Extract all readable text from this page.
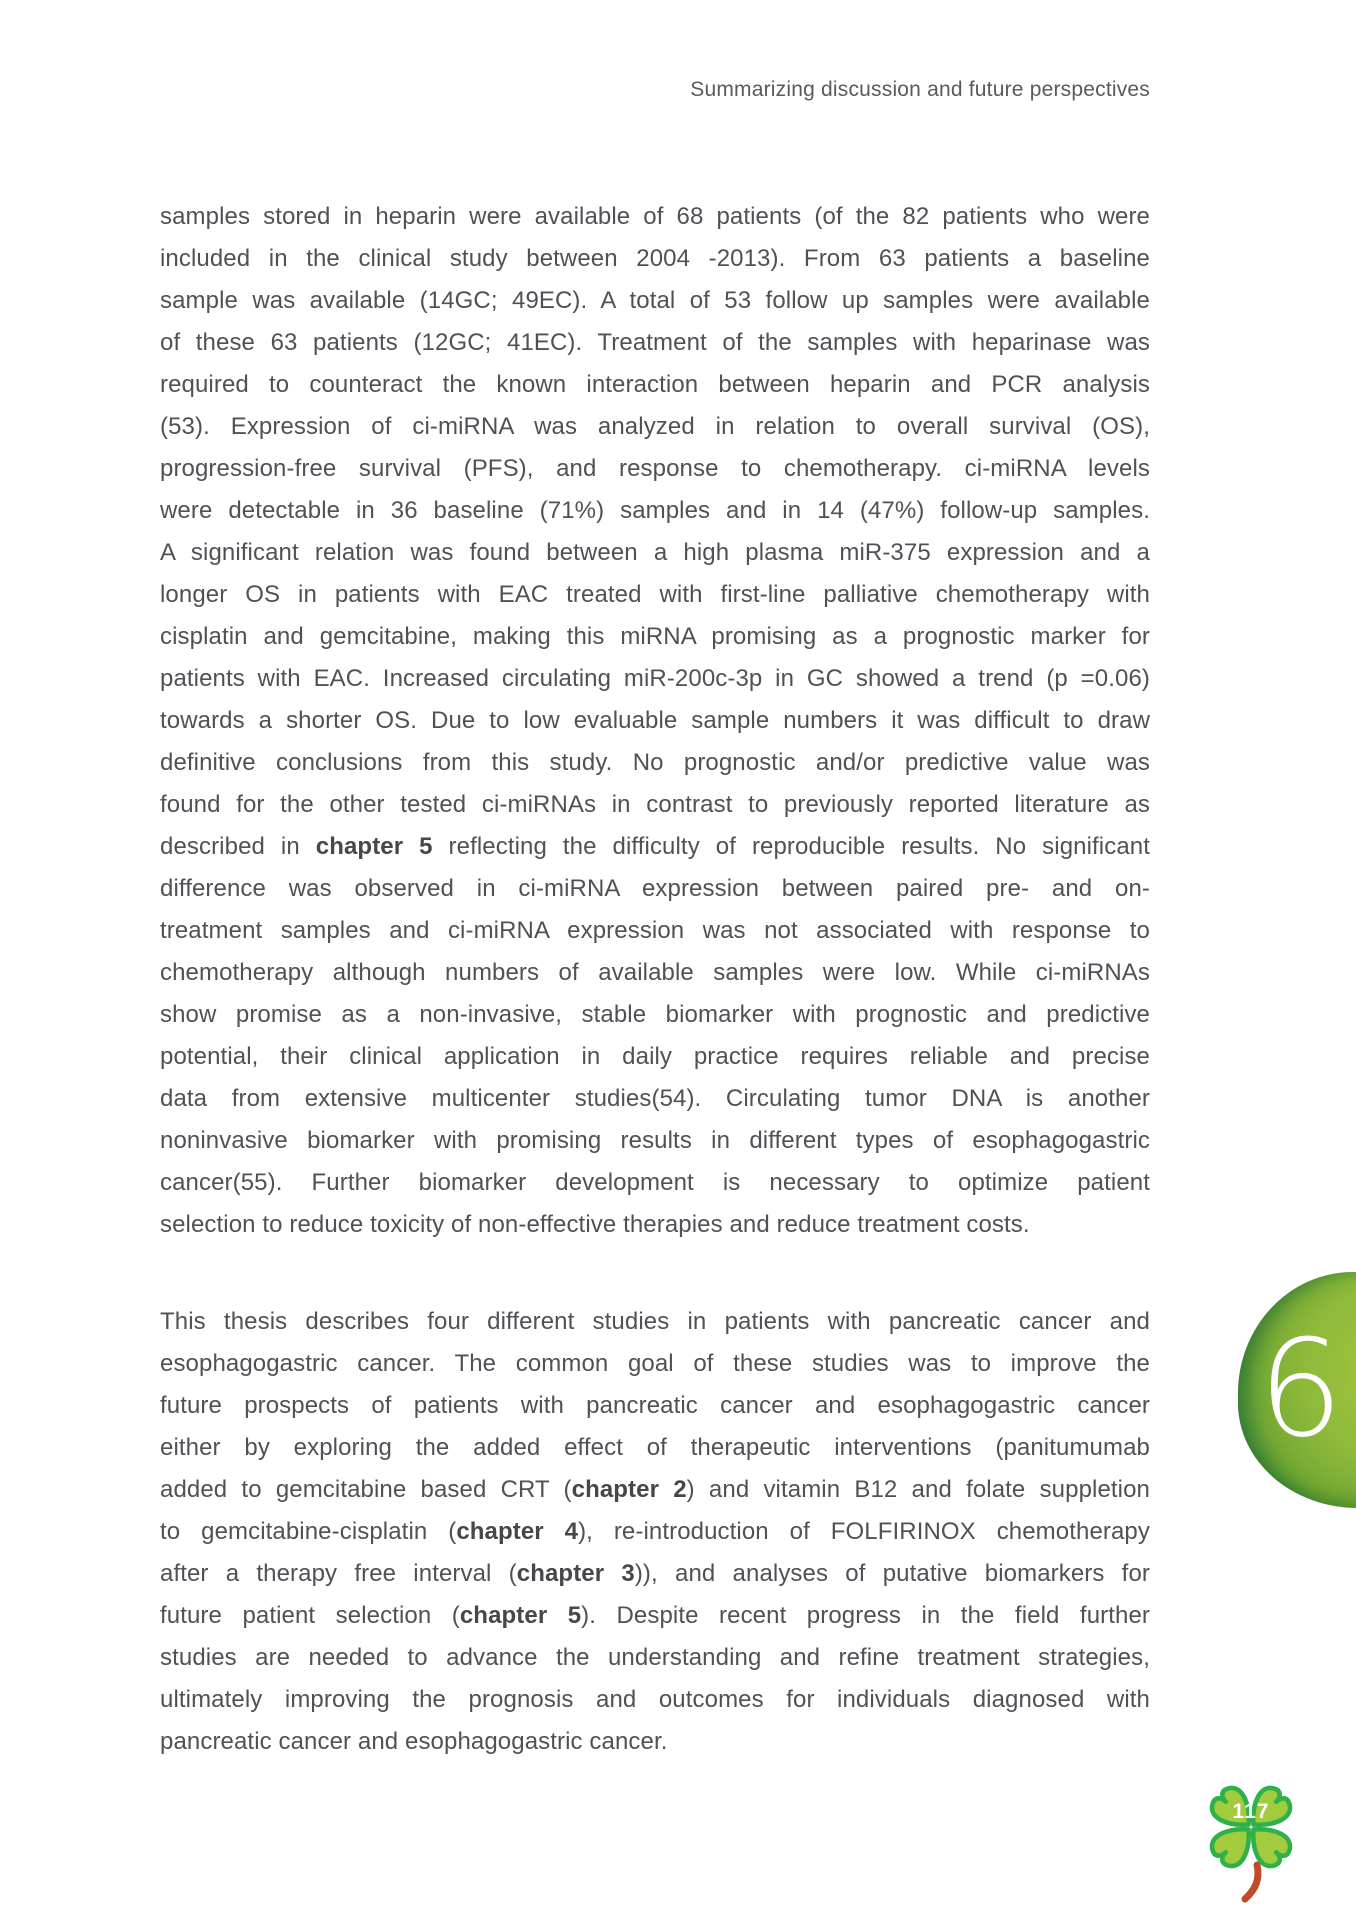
Summarizing discussion and future perspectives
samples stored in heparin were available of 68 patients (of the 82 patients who were
included in the clinical study between 2004 -2013). From 63 patients a baseline
sample was available (14GC; 49EC). A total of 53 follow up samples were available
of these 63 patients (12GC; 41EC). Treatment of the samples with heparinase was
required to counteract the known interaction between heparin and PCR analysis
(53). Expression of ci-miRNA was analyzed in relation to overall survival (OS),
progression-free survival (PFS), and response to chemotherapy. ci-miRNA levels
were detectable in 36 baseline (71%) samples and in 14 (47%) follow-up samples.
A significant relation was found between a high plasma miR-375 expression and a
longer OS in patients with EAC treated with first-line palliative chemotherapy with
cisplatin and gemcitabine, making this miRNA promising as a prognostic marker for
patients with EAC. Increased circulating miR-200c-3p in GC showed a trend (p =0.06)
towards a shorter OS. Due to low evaluable sample numbers it was difficult to draw
definitive conclusions from this study. No prognostic and/or predictive value was
found for the other tested ci-miRNAs in contrast to previously reported literature as
described in chapter 5 reflecting the difficulty of reproducible results. No significant
difference was observed in ci-miRNA expression between paired pre- and on-
treatment samples and ci-miRNA expression was not associated with response to
chemotherapy although numbers of available samples were low. While ci-miRNAs
show promise as a non-invasive, stable biomarker with prognostic and predictive
potential, their clinical application in daily practice requires reliable and precise
data from extensive multicenter studies(54). Circulating tumor DNA is another
noninvasive biomarker with promising results in different types of esophagogastric
cancer(55). Further biomarker development is necessary to optimize patient
selection to reduce toxicity of non-effective therapies and reduce treatment costs.
This thesis describes four different studies in patients with pancreatic cancer and
esophagogastric cancer. The common goal of these studies was to improve the
future prospects of patients with pancreatic cancer and esophagogastric cancer
either by exploring the added effect of therapeutic interventions (panitumumab
added to gemcitabine based CRT (chapter 2) and vitamin B12 and folate suppletion
to gemcitabine-cisplatin (chapter 4), re-introduction of FOLFIRINOX chemotherapy
after a therapy free interval (chapter 3)), and analyses of putative biomarkers for
future patient selection (chapter 5). Despite recent progress in the field further
studies are needed to advance the understanding and refine treatment strategies,
ultimately improving the prognosis and outcomes for individuals diagnosed with
pancreatic cancer and esophagogastric cancer.
6
117
